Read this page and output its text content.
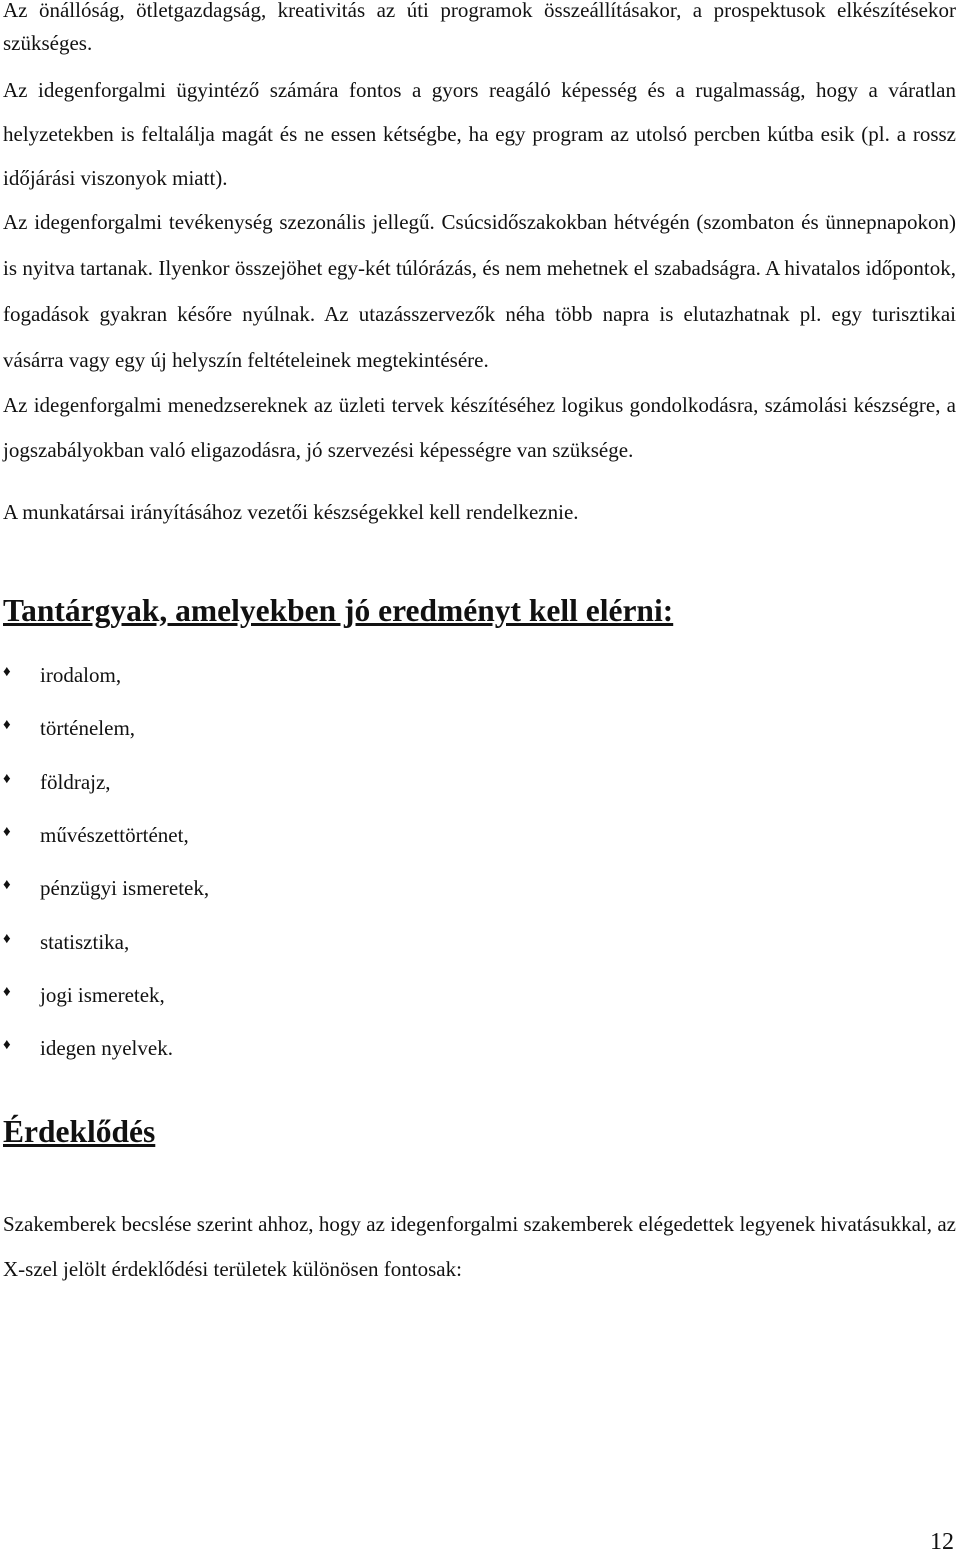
Az önállóság, ötletgazdagság, kreativitás az úti programok összeállításakor, a prospektusok elkészítésekor szükséges.

Az idegenforgalmi ügyintéző számára fontos a gyors reagáló képesség és a rugalmasság, hogy a váratlan helyzetekben is feltalálja magát és ne essen kétségbe, ha egy program az utolsó percben kútba esik (pl. a rossz időjárási viszonyok miatt).

Az idegenforgalmi tevékenység szezonális jellegű. Csúcsidőszakokban hétvégén (szombaton és ünnepnapokon) is nyitva tartanak. Ilyenkor összejöhet egy-két túlórázás, és nem mehetnek el szabadságra. A hivatalos időpontok, fogadások gyakran későre nyúlnak. Az utazásszervezők néha több napra is elutazhatnak pl. egy turisztikai vásárra vagy egy új helyszín feltételeinek megtekintésére.

Az idegenforgalmi menedzsereknek az üzleti tervek készítéséhez logikus gondolkodásra, számolási készségre, a jogszabályokban való eligazodásra, jó szervezési képességre van szüksége.

A munkatársai irányításához vezetői készségekkel kell rendelkeznie.

Tantárgyak, amelyekben jó eredményt kell elérni:
♦	irodalom,
♦	történelem,
♦	földrajz,
♦	művészettörténet,
♦	pénzügyi ismeretek,
♦	statisztika,
♦	jogi ismeretek,
♦	idegen nyelvek.
Érdeklődés

Szakemberek becslése szerint ahhoz, hogy az idegenforgalmi szakemberek elégedettek legyenek hivatásukkal, az X-szel jelölt érdeklődési területek különösen fontosak:

12
